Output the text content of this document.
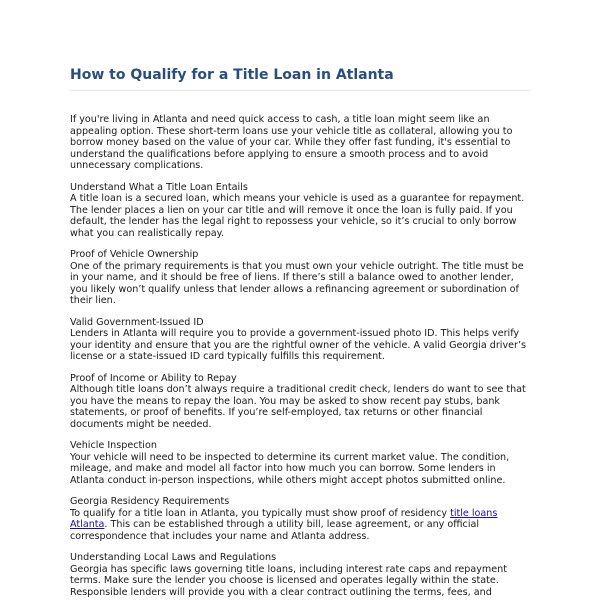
How to Qualify for a Title Loan in Atlanta

If you're living in Atlanta and need quick access to cash, a title loan might seem like an appealing option. These short-term loans use your vehicle title as collateral, allowing you to borrow money based on the value of your car. While they offer fast funding, it's essential to understand the qualifications before applying to ensure a smooth process and to avoid unnecessary complications.

Understand What a Title Loan Entails

A title loan is a secured loan, which means your vehicle is used as a guarantee for repayment. The lender places a lien on your car title and will remove it once the loan is fully paid. If you default, the lender has the legal right to repossess your vehicle, so it’s crucial to only borrow what you can realistically repay.

Proof of Vehicle Ownership

One of the primary requirements is that you must own your vehicle outright. The title must be in your name, and it should be free of liens. If there’s still a balance owed to another lender, you likely won’t qualify unless that lender allows a refinancing agreement or subordination of their lien.

Valid Government-Issued ID

Lenders in Atlanta will require you to provide a government-issued photo ID. This helps verify your identity and ensure that you are the rightful owner of the vehicle. A valid Georgia driver’s license or a state-issued ID card typically fulfills this requirement.

Proof of Income or Ability to Repay

Although title loans don’t always require a traditional credit check, lenders do want to see that you have the means to repay the loan. You may be asked to show recent pay stubs, bank statements, or proof of benefits. If you’re self-employed, tax returns or other financial documents might be needed.

Vehicle Inspection

Your vehicle will need to be inspected to determine its current market value. The condition, mileage, and make and model all factor into how much you can borrow. Some lenders in Atlanta conduct in-person inspections, while others might accept photos submitted online.

Georgia Residency Requirements

To qualify for a title loan in Atlanta, you typically must show proof of residency title loans Atlanta. This can be established through a utility bill, lease agreement, or any official correspondence that includes your name and Atlanta address.

Understanding Local Laws and Regulations

Georgia has specific laws governing title loans, including interest rate caps and repayment terms. Make sure the lender you choose is licensed and operates legally within the state. Responsible lenders will provide you with a clear contract outlining the terms, fees, and
